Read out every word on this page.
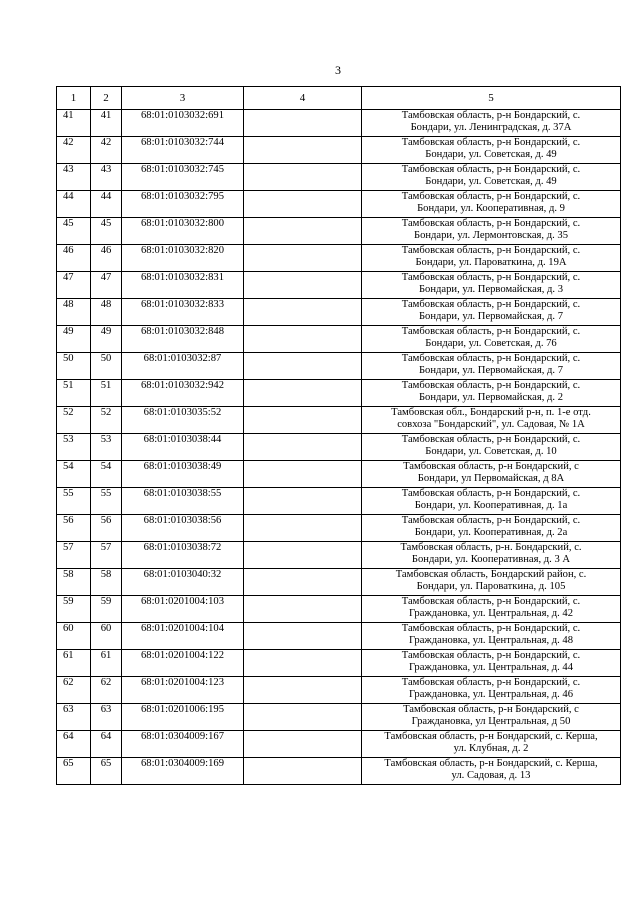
3
1	2	3	4	5
41	41	68:01:0103032:691		Тамбовская область, р-н Бондарский, с.
Бондари, ул. Ленинградская, д. 37А

42	42	68:01:0103032:744		Тамбовская область, р-н Бондарский, с.
Бондари, ул. Советская, д. 49

43	43	68:01:0103032:745		Тамбовская область, р-н Бондарский, с.
Бондари, ул. Советская, д. 49

44	44	68:01:0103032:795		Тамбовская область, р-н Бондарский, с.
Бондари, ул. Кооперативная, д. 9

45	45	68:01:0103032:800		Тамбовская область, р-н Бондарский, с.
Бондари, ул. Лермонтовская, д. 35

46	46	68:01:0103032:820		Тамбовская область, р-н Бондарский, с.
Бондари, ул. Пароваткина, д. 19А

47	47	68:01:0103032:831		Тамбовская область, р-н Бондарский, с.
Бондари, ул. Первомайская, д. 3

48	48	68:01:0103032:833		Тамбовская область, р-н Бондарский, с.
Бондари, ул. Первомайская, д. 7

49	49	68:01:0103032:848		Тамбовская область, р-н Бондарский, с.
Бондари, ул. Советская, д. 76

50	50	68:01:0103032:87		Тамбовская область, р-н Бондарский, с.
Бондари, ул. Первомайская, д. 7

51	51	68:01:0103032:942		Тамбовская область, р-н Бондарский, с.
Бондари, ул. Первомайская, д. 2

52	52	68:01:0103035:52		Тамбовская обл., Бондарский р-н, п. 1-е отд.
совхоза "Бондарский", ул. Садовая, № 1А

53	53	68:01:0103038:44		Тамбовская область, р-н Бондарский, с.
Бондари, ул. Советская, д. 10

54	54	68:01:0103038:49		Тамбовская область, р-н Бондарский, с
Бондари, ул Первомайская, д 8А

55	55	68:01:0103038:55		Тамбовская область, р-н Бондарский, с.
Бондари, ул. Кооперативная, д. 1а

56	56	68:01:0103038:56		Тамбовская область, р-н Бондарский, с.
Бондари, ул. Кооперативная, д. 2а

57	57	68:01:0103038:72		Тамбовская область, р-н. Бондарский, с.
Бондари, ул. Кооперативная, д. 3 А

58	58	68:01:0103040:32		Тамбовская область, Бондарский район, с.
Бондари, ул. Пароваткина, д. 105

59	59	68:01:0201004:103		Тамбовская область, р-н Бондарский, с.
Граждановка, ул. Центральная, д. 42

60	60	68:01:0201004:104		Тамбовская область, р-н Бондарский, с.
Граждановка, ул. Центральная, д. 48

61	61	68:01:0201004:122		Тамбовская область, р-н Бондарский, с.
Граждановка, ул. Центральная, д. 44

62	62	68:01:0201004:123		Тамбовская область, р-н Бондарский, с.
Граждановка, ул. Центральная, д. 46

63	63	68:01:0201006:195		Тамбовская область, р-н Бондарский, с
Граждановка, ул Центральная, д 50

64	64	68:01:0304009:167		Тамбовская область, р-н Бондарский, с. Керша,
ул. Клубная, д. 2

65	65	68:01:0304009:169		Тамбовская область, р-н Бондарский, с. Керша,
ул. Садовая, д. 13
